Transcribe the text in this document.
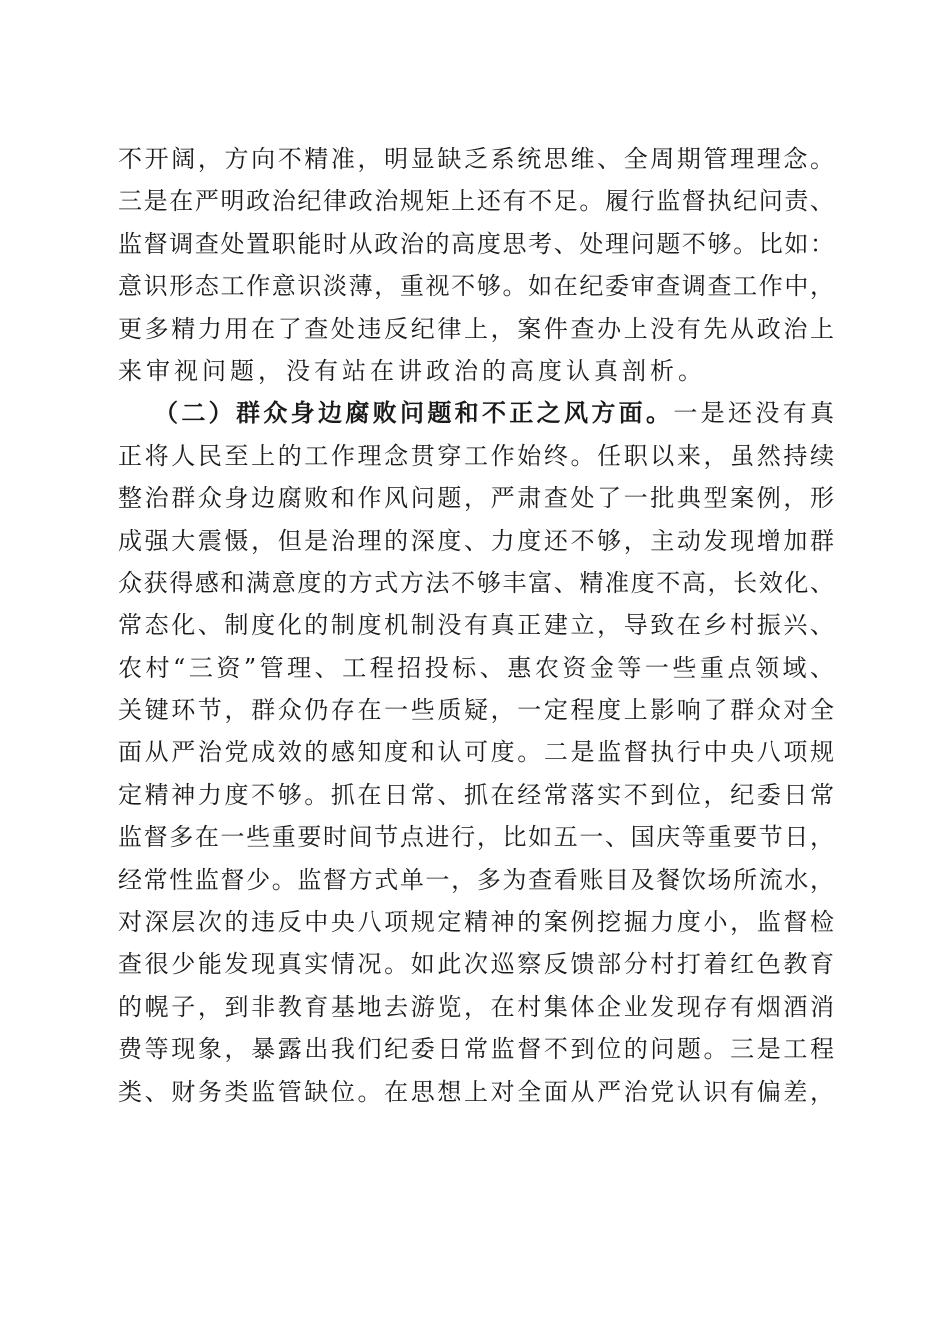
不开阔，方向不精准，明显缺乏系统思维、全周期管理理念。
三是在严明政治纪律政治规矩上还有不足。履行监督执纪问责、
监督调查处置职能时从政治的高度思考、处理问题不够。比如：
意识形态工作意识淡薄，重视不够。如在纪委审查调查工作中，
更多精力用在了查处违反纪律上，案件查办上没有先从政治上
来审视问题，没有站在讲政治的高度认真剖析。
（二）群众身边腐败问题和不正之风方面。一是还没有真
正将人民至上的工作理念贯穿工作始终。任职以来，虽然持续
整治群众身边腐败和作风问题，严肃查处了一批典型案例，形
成强大震慑，但是治理的深度、力度还不够，主动发现增加群
众获得感和满意度的方式方法不够丰富、精准度不高，长效化、
常态化、制度化的制度机制没有真正建立，导致在乡村振兴、
农村“三资”管理、工程招投标、惠农资金等一些重点领域、
关键环节，群众仍存在一些质疑，一定程度上影响了群众对全
面从严治党成效的感知度和认可度。二是监督执行中央八项规
定精神力度不够。抓在日常、抓在经常落实不到位，纪委日常
监督多在一些重要时间节点进行，比如五一、国庆等重要节日，
经常性监督少。监督方式单一，多为查看账目及餐饮场所流水，
对深层次的违反中央八项规定精神的案例挖掘力度小，监督检
查很少能发现真实情况。如此次巡察反馈部分村打着红色教育
的幌子，到非教育基地去游览，在村集体企业发现存有烟酒消
费等现象，暴露出我们纪委日常监督不到位的问题。三是工程
类、财务类监管缺位。在思想上对全面从严治党认识有偏差，
